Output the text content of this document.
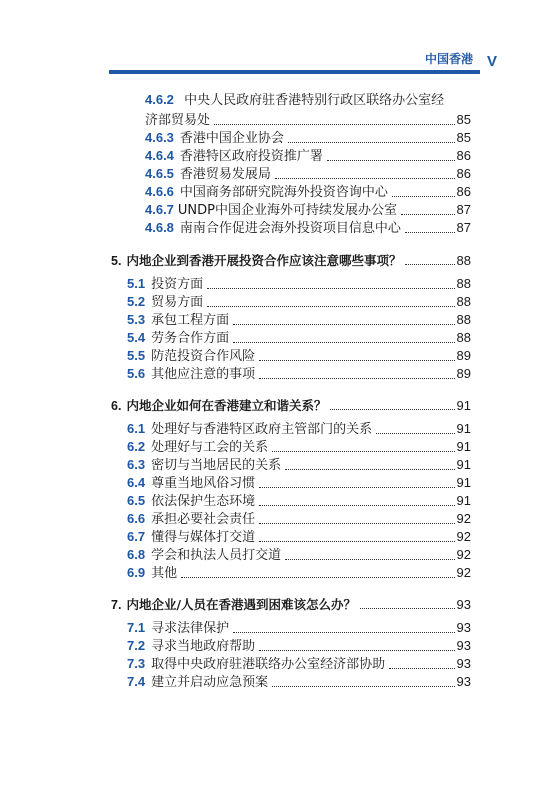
中国香港 V
4.6.2 中央人民政府驻香港特别行政区联络办公室经
济部贸易处	85
4.6.3 香港中国企业协会	85
4.6.4 香港特区政府投资推广署	86
4.6.5 香港贸易发展局	86
4.6.6 中国商务部研究院海外投资咨询中心	86
4.6.7 UNDP中国企业海外可持续发展办公室	87
4.6.8 南南合作促进会海外投资项目信息中心	87
5. 内地企业到香港开展投资合作应该注意哪些事项？	88
5.1 投资方面	88
5.2 贸易方面	88
5.3 承包工程方面	88
5.4 劳务合作方面	88
5.5 防范投资合作风险	89
5.6 其他应注意的事项	89
6. 内地企业如何在香港建立和谐关系？	91
6.1 处理好与香港特区政府主管部门的关系	91
6.2 处理好与工会的关系	91
6.3 密切与当地居民的关系	91
6.4 尊重当地风俗习惯	91
6.5 依法保护生态环境	91
6.6 承担必要社会责任	92
6.7 懂得与媒体打交道	92
6.8 学会和执法人员打交道	92
6.9 其他	92
7. 内地企业/人员在香港遇到困难该怎么办？	93
7.1 寻求法律保护	93
7.2 寻求当地政府帮助	93
7.3 取得中央政府驻港联络办公室经济部协助	93
7.4 建立并启动应急预案	93
